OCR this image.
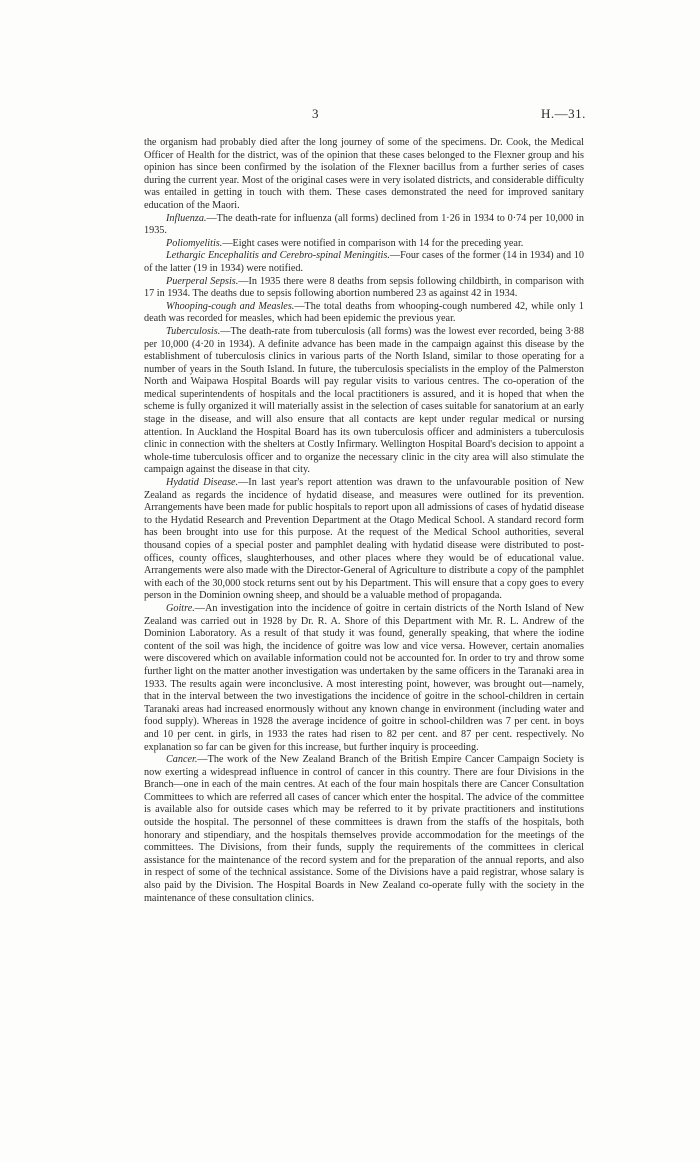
3	H.—31.

the organism had probably died after the long journey of some of the specimens. Dr. Cook, the Medical Officer of Health for the district, was of the opinion that these cases belonged to the Flexner group and his opinion has since been confirmed by the isolation of the Flexner bacillus from a further series of cases during the current year. Most of the original cases were in very isolated districts, and considerable difficulty was entailed in getting in touch with them. These cases demonstrated the need for improved sanitary education of the Maori.

Influenza.—The death-rate for influenza (all forms) declined from 1·26 in 1934 to 0·74 per 10,000 in 1935.

Poliomyelitis.—Eight cases were notified in comparison with 14 for the preceding year.

Lethargic Encephalitis and Cerebro-spinal Meningitis.—Four cases of the former (14 in 1934) and 10 of the latter (19 in 1934) were notified.

Puerperal Sepsis.—In 1935 there were 8 deaths from sepsis following childbirth, in comparison with 17 in 1934. The deaths due to sepsis following abortion numbered 23 as against 42 in 1934.

Whooping-cough and Measles.—The total deaths from whooping-cough numbered 42, while only 1 death was recorded for measles, which had been epidemic the previous year.

Tuberculosis.—The death-rate from tuberculosis (all forms) was the lowest ever recorded, being 3·88 per 10,000 (4·20 in 1934). A definite advance has been made in the campaign against this disease by the establishment of tuberculosis clinics in various parts of the North Island, similar to those operating for a number of years in the South Island. In future, the tuberculosis specialists in the employ of the Palmerston North and Waipawa Hospital Boards will pay regular visits to various centres. The co-operation of the medical superintendents of hospitals and the local practitioners is assured, and it is hoped that when the scheme is fully organized it will materially assist in the selection of cases suitable for sanatorium at an early stage in the disease, and will also ensure that all contacts are kept under regular medical or nursing attention. In Auckland the Hospital Board has its own tuberculosis officer and administers a tuberculosis clinic in connection with the shelters at Costly Infirmary. Wellington Hospital Board's decision to appoint a whole-time tuberculosis officer and to organize the necessary clinic in the city area will also stimulate the campaign against the disease in that city.

Hydatid Disease.—In last year's report attention was drawn to the unfavourable position of New Zealand as regards the incidence of hydatid disease, and measures were outlined for its prevention. Arrangements have been made for public hospitals to report upon all admissions of cases of hydatid disease to the Hydatid Research and Prevention Department at the Otago Medical School. A standard record form has been brought into use for this purpose. At the request of the Medical School authorities, several thousand copies of a special poster and pamphlet dealing with hydatid disease were distributed to post-offices, county offices, slaughterhouses, and other places where they would be of educational value. Arrangements were also made with the Director-General of Agriculture to distribute a copy of the pamphlet with each of the 30,000 stock returns sent out by his Department. This will ensure that a copy goes to every person in the Dominion owning sheep, and should be a valuable method of propaganda.

Goitre.—An investigation into the incidence of goitre in certain districts of the North Island of New Zealand was carried out in 1928 by Dr. R. A. Shore of this Department with Mr. R. L. Andrew of the Dominion Laboratory. As a result of that study it was found, generally speaking, that where the iodine content of the soil was high, the incidence of goitre was low and vice versa. However, certain anomalies were discovered which on available information could not be accounted for. In order to try and throw some further light on the matter another investigation was undertaken by the same officers in the Taranaki area in 1933. The results again were inconclusive. A most interesting point, however, was brought out—namely, that in the interval between the two investigations the incidence of goitre in the school-children in certain Taranaki areas had increased enormously without any known change in environment (including water and food supply). Whereas in 1928 the average incidence of goitre in school-children was 7 per cent. in boys and 10 per cent. in girls, in 1933 the rates had risen to 82 per cent. and 87 per cent. respectively. No explanation so far can be given for this increase, but further inquiry is proceeding.

Cancer.—The work of the New Zealand Branch of the British Empire Cancer Campaign Society is now exerting a widespread influence in control of cancer in this country. There are four Divisions in the Branch—one in each of the main centres. At each of the four main hospitals there are Cancer Consultation Committees to which are referred all cases of cancer which enter the hospital. The advice of the committee is available also for outside cases which may be referred to it by private practitioners and institutions outside the hospital. The personnel of these committees is drawn from the staffs of the hospitals, both honorary and stipendiary, and the hospitals themselves provide accommodation for the meetings of the committees. The Divisions, from their funds, supply the requirements of the committees in clerical assistance for the maintenance of the record system and for the preparation of the annual reports, and also in respect of some of the technical assistance. Some of the Divisions have a paid registrar, whose salary is also paid by the Division. The Hospital Boards in New Zealand co-operate fully with the society in the maintenance of these consultation clinics.
